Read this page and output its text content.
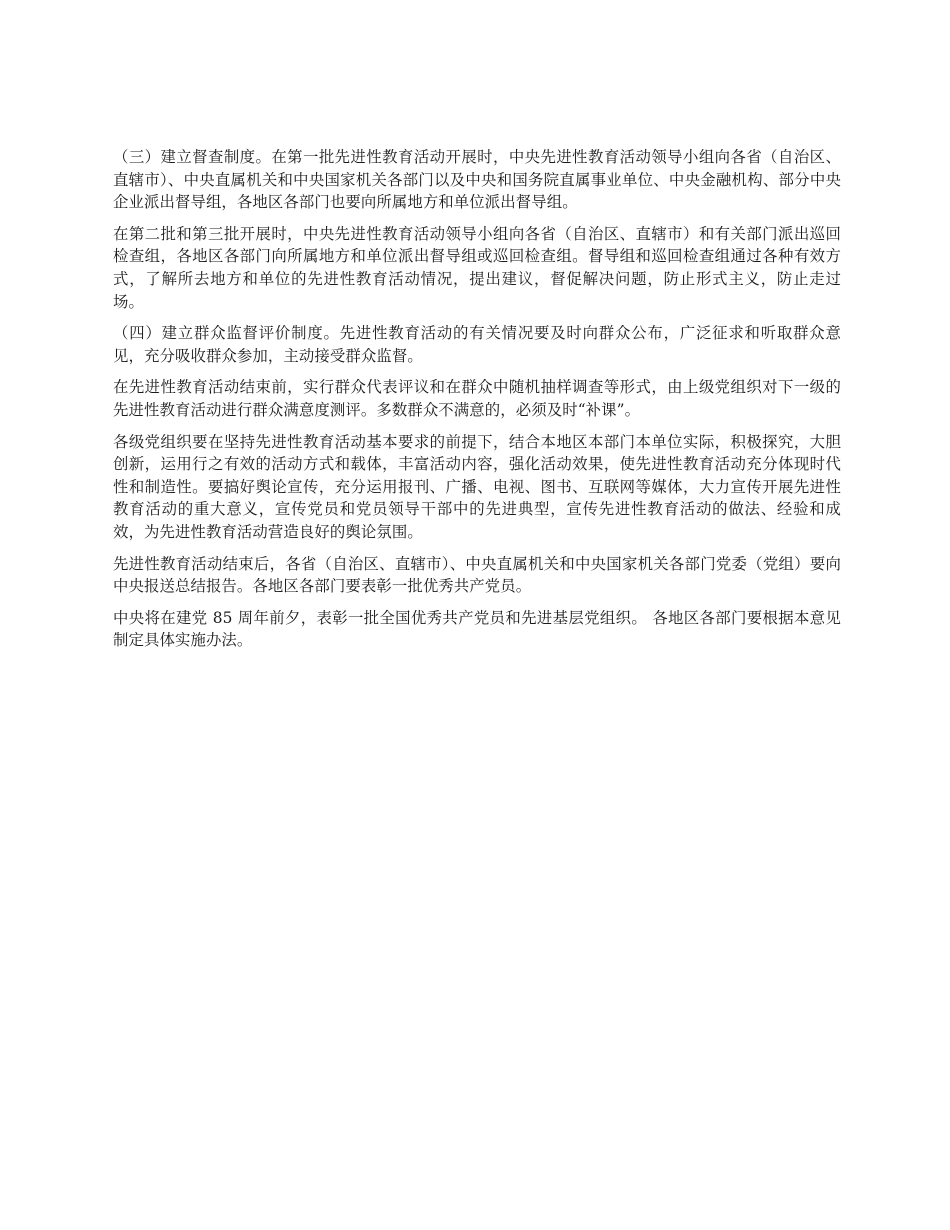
（三）建立督查制度。在第一批先进性教育活动开展时，中央先进性教育活动领导小组向各省（自治区、直辖市）、中央直属机关和中央国家机关各部门以及中央和国务院直属事业单位、中央金融机构、部分中央企业派出督导组，各地区各部门也要向所属地方和单位派出督导组。

在第二批和第三批开展时，中央先进性教育活动领导小组向各省（自治区、直辖市）和有关部门派出巡回检查组，各地区各部门向所属地方和单位派出督导组或巡回检查组。督导组和巡回检查组通过各种有效方式，了解所去地方和单位的先进性教育活动情况，提出建议，督促解决问题，防止形式主义，防止走过场。

（四）建立群众监督评价制度。先进性教育活动的有关情况要及时向群众公布，广泛征求和听取群众意见，充分吸收群众参加，主动接受群众监督。

在先进性教育活动结束前，实行群众代表评议和在群众中随机抽样调查等形式，由上级党组织对下一级的先进性教育活动进行群众满意度测评。多数群众不满意的，必须及时“补课”。

各级党组织要在坚持先进性教育活动基本要求的前提下，结合本地区本部门本单位实际，积极探究，大胆创新，运用行之有效的活动方式和载体，丰富活动内容，强化活动效果，使先进性教育活动充分体现时代性和制造性。要搞好舆论宣传，充分运用报刊、广播、电视、图书、互联网等媒体，大力宣传开展先进性教育活动的重大意义，宣传党员和党员领导干部中的先进典型，宣传先进性教育活动的做法、经验和成效，为先进性教育活动营造良好的舆论氛围。

先进性教育活动结束后，各省（自治区、直辖市）、中央直属机关和中央国家机关各部门党委（党组）要向中央报送总结报告。各地区各部门要表彰一批优秀共产党员。

中央将在建党 85 周年前夕，表彰一批全国优秀共产党员和先进基层党组织。 各地区各部门要根据本意见制定具体实施办法。
